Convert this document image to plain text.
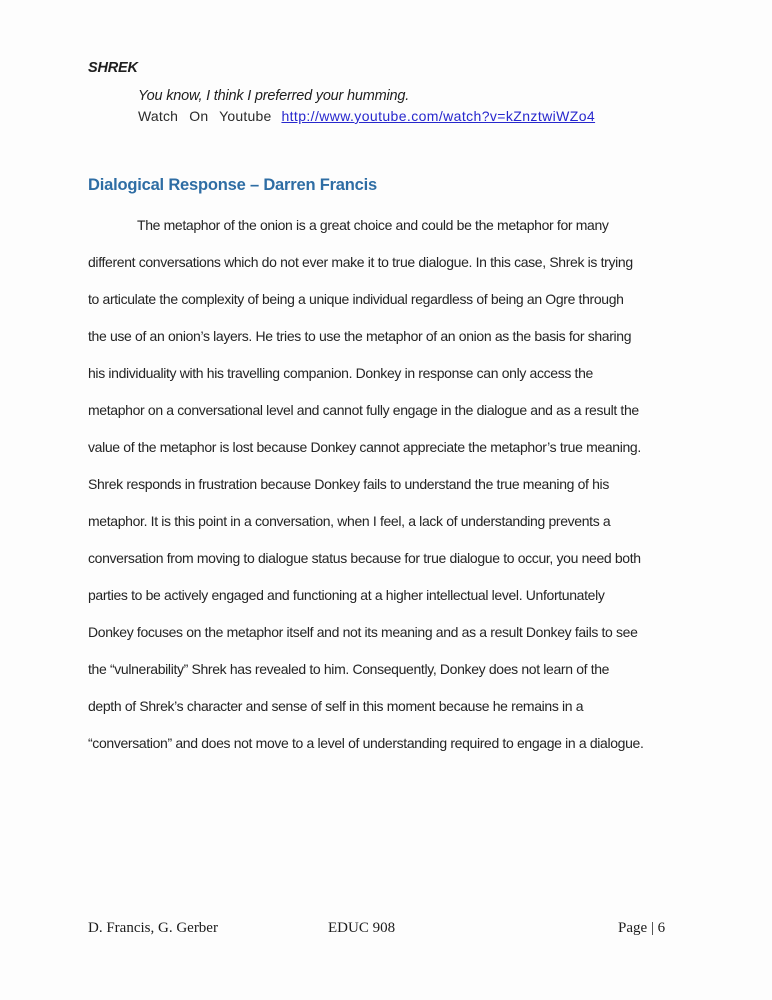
SHREK
You know, I think I preferred your humming.
Watch On Youtube http://www.youtube.com/watch?v=kZnztwiWZo4
Dialogical Response – Darren Francis
The metaphor of the onion is a great choice and could be the metaphor for many
different conversations which do not ever make it to true dialogue. In this case, Shrek is trying
to articulate the complexity of being a unique individual regardless of being an Ogre through
the use of an onion’s layers. He tries to use the metaphor of an onion as the basis for sharing
his individuality with his travelling companion. Donkey in response can only access the
metaphor on a conversational level and cannot fully engage in the dialogue and as a result the
value of the metaphor is lost because Donkey cannot appreciate the metaphor’s true meaning.
Shrek responds in frustration because Donkey fails to understand the true meaning of his
metaphor. It is this point in a conversation, when I feel, a lack of understanding prevents a
conversation from moving to dialogue status because for true dialogue to occur, you need both
parties to be actively engaged and functioning at a higher intellectual level. Unfortunately
Donkey focuses on the metaphor itself and not its meaning and as a result Donkey fails to see
the “vulnerability” Shrek has revealed to him. Consequently, Donkey does not learn of the
depth of Shrek’s character and sense of self in this moment because he remains in a
“conversation” and does not move to a level of understanding required to engage in a dialogue.
D. Francis, G. Gerber	EDUC 908	Page | 6
